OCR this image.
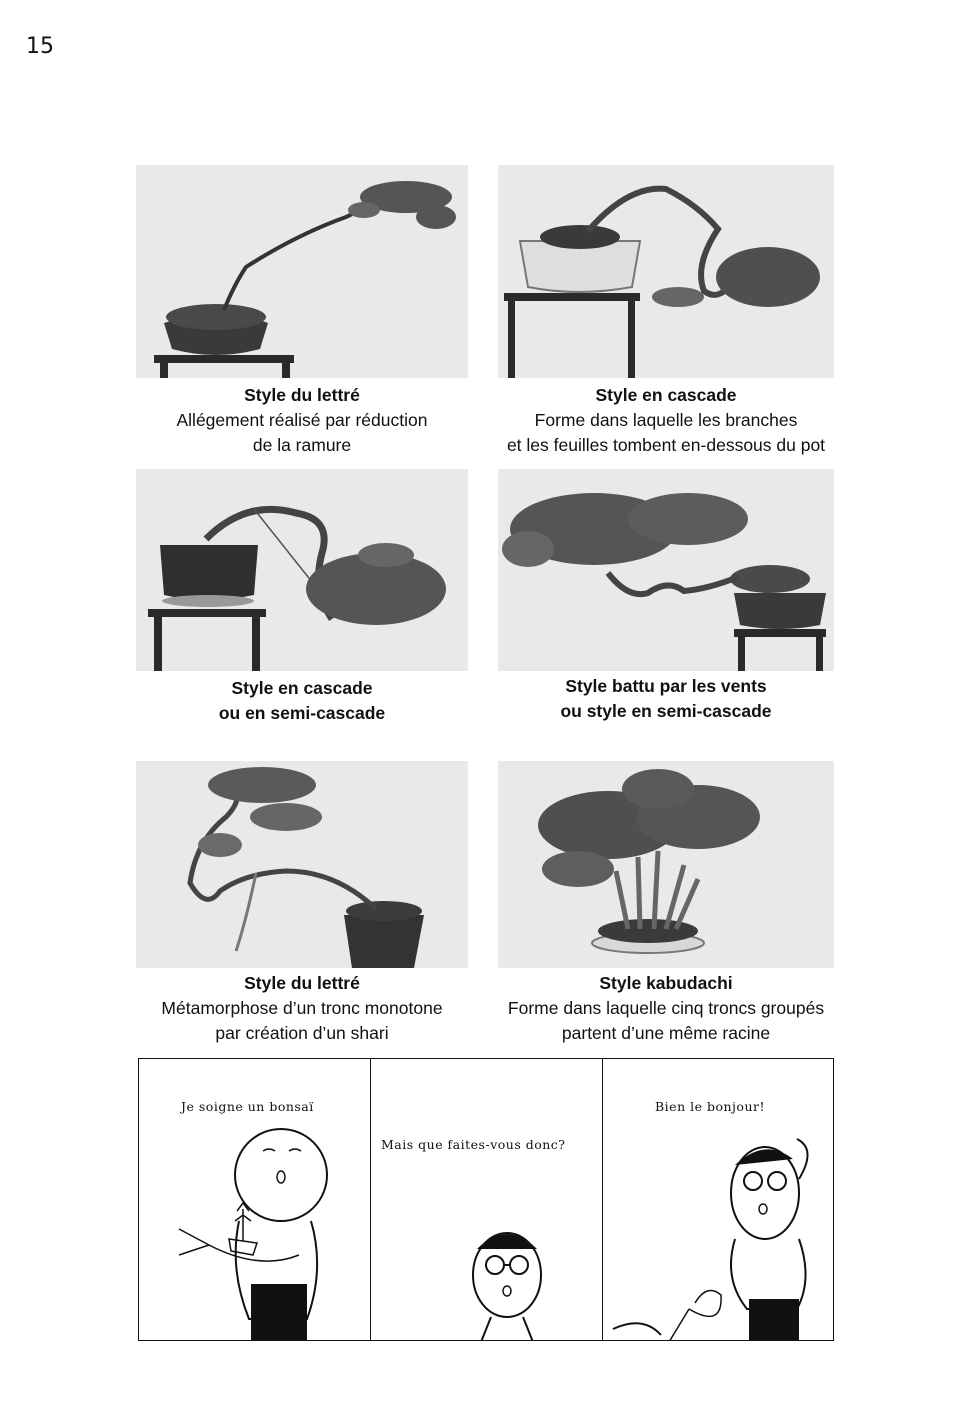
15
Style du lettré
Allégement réalisé par réduction
de la ramure
Style en cascade
Forme dans laquelle les branches
et les feuilles tombent en-dessous du pot
Style en cascade
ou en semi-cascade
Style battu par les vents
ou style en semi-cascade
Style du lettré
Métamorphose d’un tronc monotone
par création d’un shari
Style kabudachi
Forme dans laquelle cinq troncs groupés
partent d’une même racine
Je soigne un bonsaï
Mais que faites-vous donc?
Bien le bonjour!
